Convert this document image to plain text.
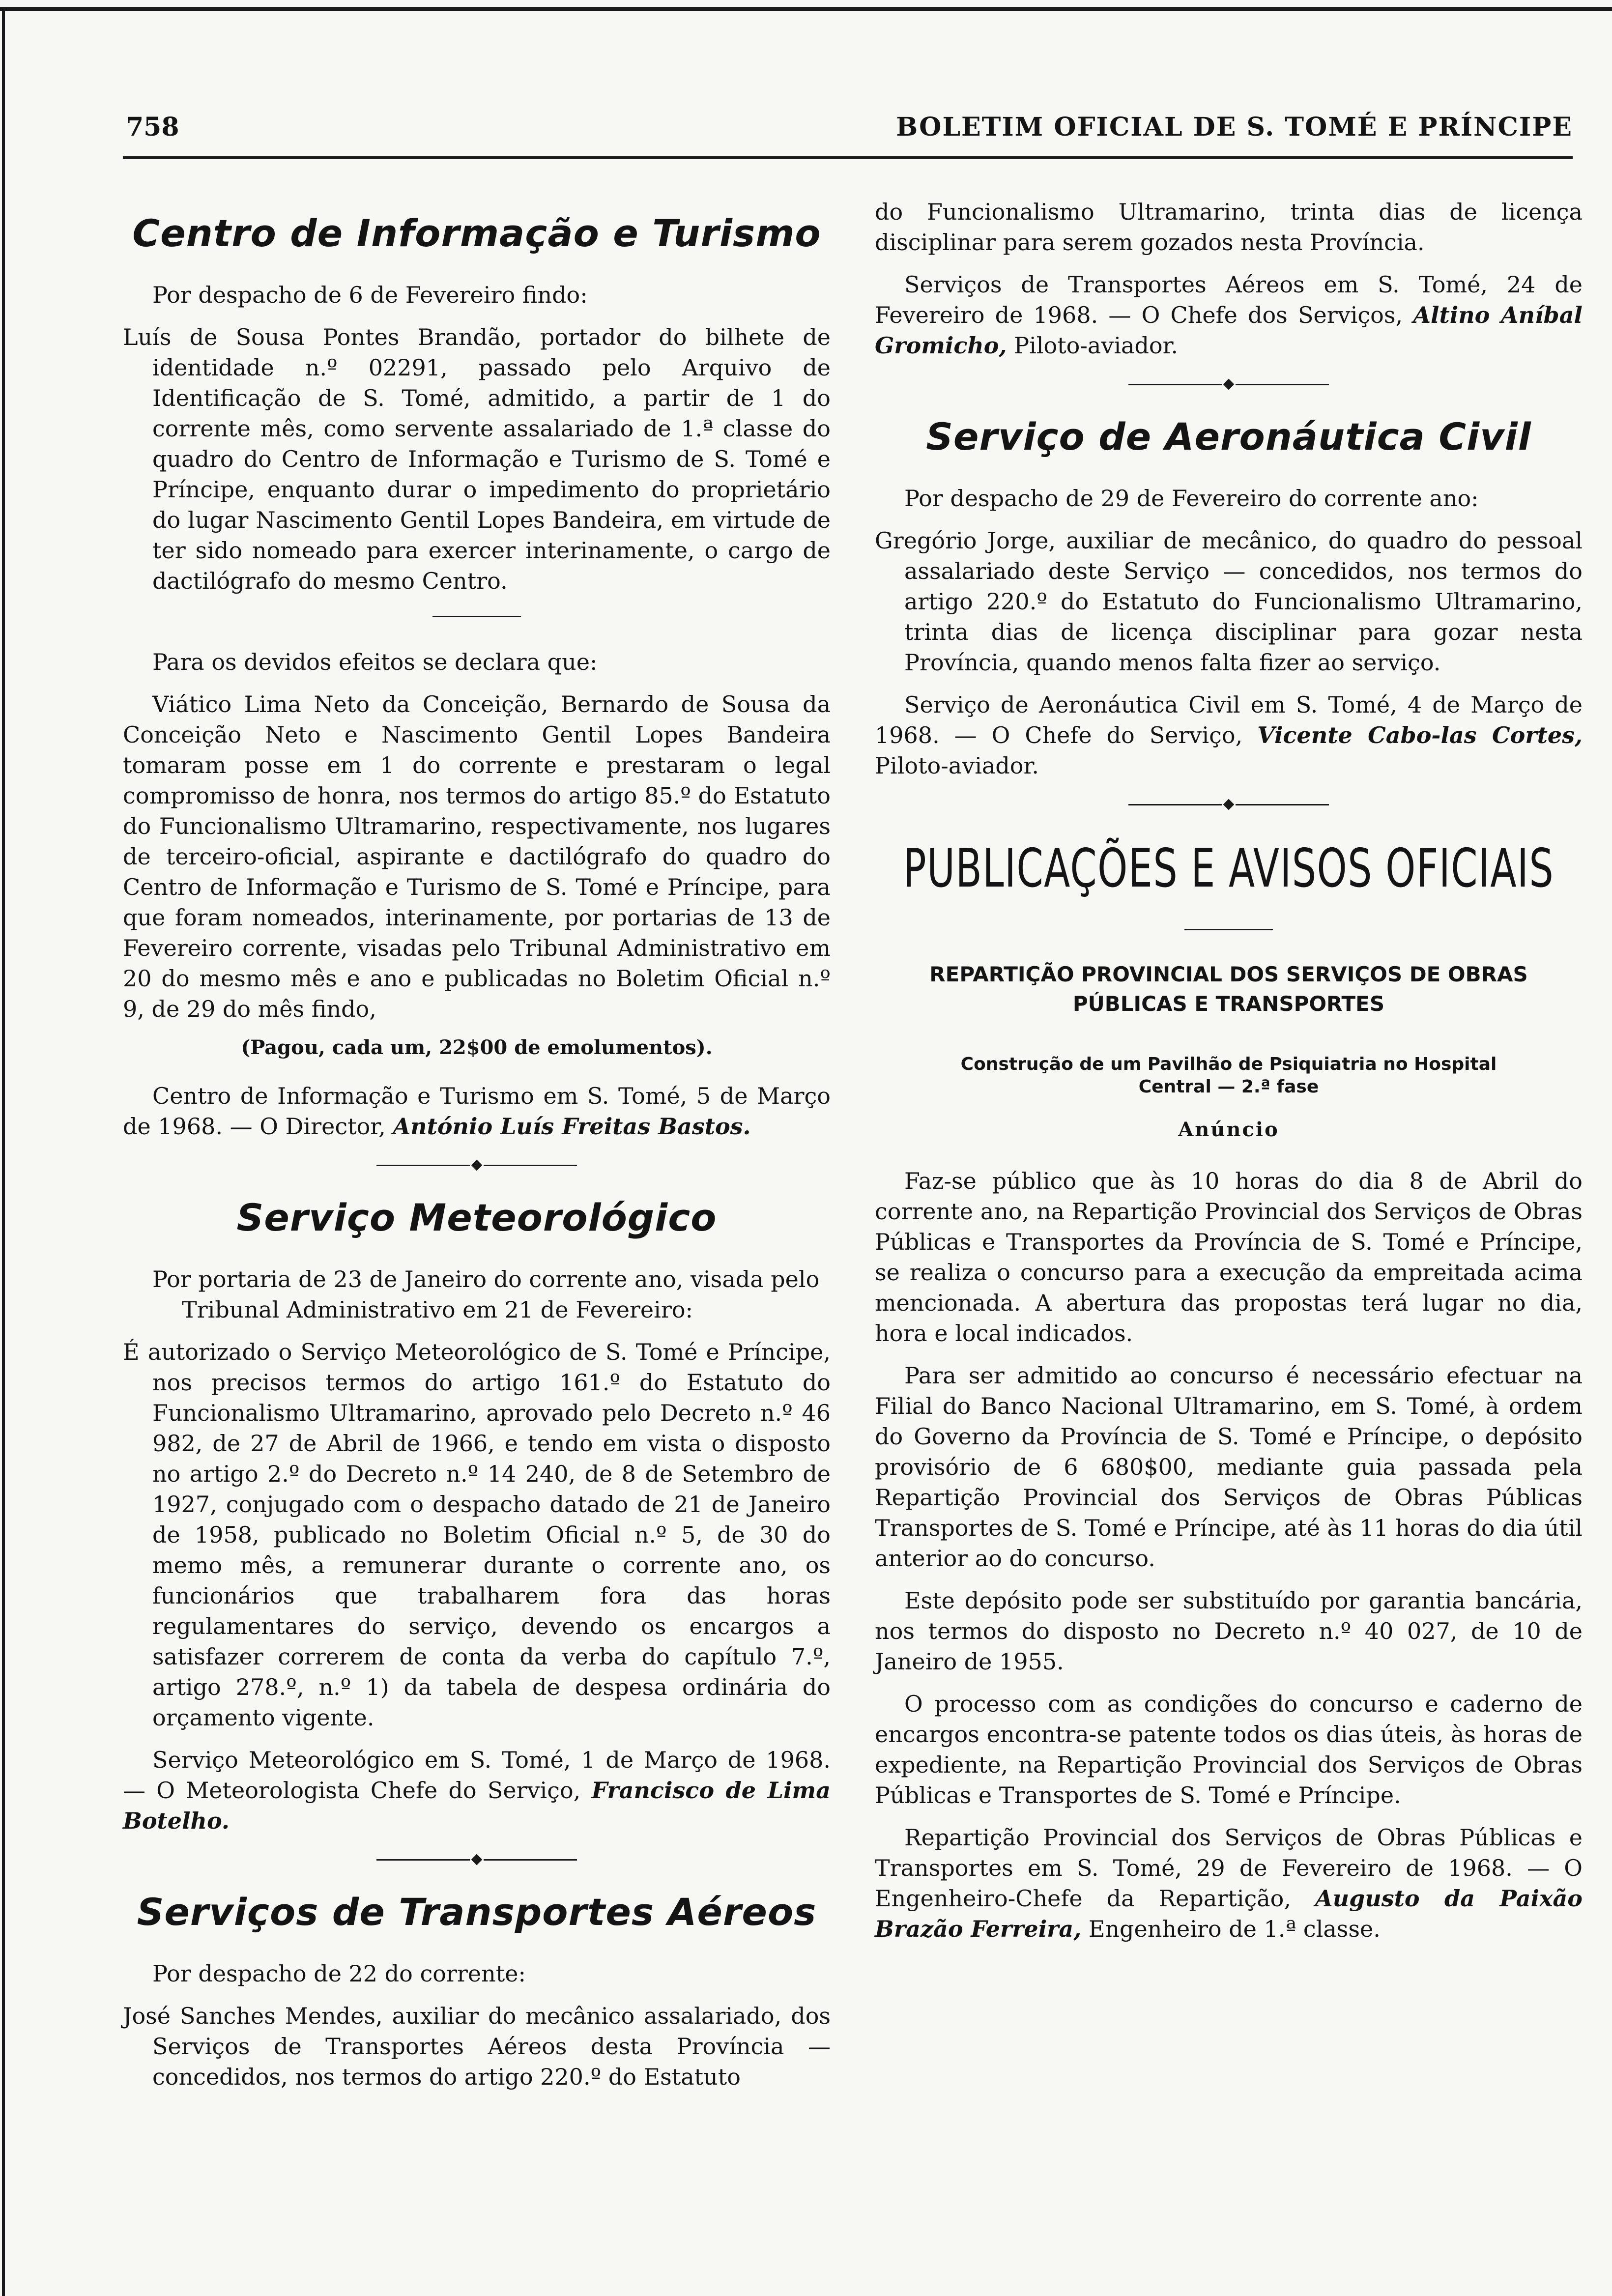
758	BOLETIM OFICIAL DE S. TOMÉ E PRÍNCIPE
Centro de Informação e Turismo

Por despacho de 6 de Fevereiro findo:

Luís de Sousa Pontes Brandão, portador do bilhete de identidade n.º 02291, passado pelo Arquivo de Identificação de S. Tomé, admitido, a partir de 1 do corrente mês, como servente assalariado de 1.ª classe do quadro do Centro de Informação e Turismo de S. Tomé e Príncipe, enquanto durar o impedimento do proprietário do lugar Nascimento Gentil Lopes Bandeira, em virtude de ter sido nomeado para exercer interinamente, o cargo de dactilógrafo do mesmo Centro.

Para os devidos efeitos se declara que:

Viático Lima Neto da Conceição, Bernardo de Sousa da Conceição Neto e Nascimento Gentil Lopes Bandeira tomaram posse em 1 do corrente e prestaram o legal compromisso de honra, nos termos do artigo 85.º do Estatuto do Funcionalismo Ultramarino, respectivamente, nos lugares de terceiro-oficial, aspirante e dactilógrafo do quadro do Centro de Informação e Turismo de S. Tomé e Príncipe, para que foram nomeados, interinamente, por portarias de 13 de Fevereiro corrente, visadas pelo Tribunal Administrativo em 20 do mesmo mês e ano e publicadas no Boletim Oficial n.º 9, de 29 do mês findo,

(Pagou, cada um, 22$00 de emolumentos).

Centro de Informação e Turismo em S. Tomé, 5 de Março de 1968. — O Director, António Luís Freitas Bastos.

Serviço Meteorológico

Por portaria de 23 de Janeiro do corrente ano, visada pelo Tribunal Administrativo em 21 de Fevereiro:

É autorizado o Serviço Meteorológico de S. Tomé e Príncipe, nos precisos termos do artigo 161.º do Estatuto do Funcionalismo Ultramarino, aprovado pelo Decreto n.º 46 982, de 27 de Abril de 1966, e tendo em vista o disposto no artigo 2.º do Decreto n.º 14 240, de 8 de Setembro de 1927, conjugado com o despacho datado de 21 de Janeiro de 1958, publicado no Boletim Oficial n.º 5, de 30 do memo mês, a remunerar durante o corrente ano, os funcionários que trabalharem fora das horas regulamentares do serviço, devendo os encargos a satisfazer correrem de conta da verba do capítulo 7.º, artigo 278.º, n.º 1) da tabela de despesa ordinária do orçamento vigente.

Serviço Meteorológico em S. Tomé, 1 de Março de 1968. — O Meteorologista Chefe do Serviço, Francisco de Lima Botelho.

Serviços de Transportes Aéreos

Por despacho de 22 do corrente:

José Sanches Mendes, auxiliar do mecânico assalariado, dos Serviços de Transportes Aéreos desta Província — concedidos, nos termos do artigo 220.º do Estatuto

do Funcionalismo Ultramarino, trinta dias de licença disciplinar para serem gozados nesta Província.

Serviços de Transportes Aéreos em S. Tomé, 24 de Fevereiro de 1968. — O Chefe dos Serviços, Altino Aníbal Gromicho, Piloto-aviador.

Serviço de Aeronáutica Civil

Por despacho de 29 de Fevereiro do corrente ano:

Gregório Jorge, auxiliar de mecânico, do quadro do pessoal assalariado deste Serviço — concedidos, nos termos do artigo 220.º do Estatuto do Funcionalismo Ultramarino, trinta dias de licença disciplinar para gozar nesta Província, quando menos falta fizer ao serviço.

Serviço de Aeronáutica Civil em S. Tomé, 4 de Março de 1968. — O Chefe do Serviço, Vicente Cabo-las Cortes, Piloto-aviador.

PUBLICAÇÕES E AVISOS OFICIAIS
REPARTIÇÃO PROVINCIAL DOS SERVIÇOS DE OBRAS
PÚBLICAS E TRANSPORTES
Construção de um Pavilhão de Psiquiatria no Hospital
Central — 2.ª fase
Anúncio

Faz-se público que às 10 horas do dia 8 de Abril do corrente ano, na Repartição Provincial dos Serviços de Obras Públicas e Transportes da Província de S. Tomé e Príncipe, se realiza o concurso para a execução da empreitada acima mencionada. A abertura das propostas terá lugar no dia, hora e local indicados.

Para ser admitido ao concurso é necessário efectuar na Filial do Banco Nacional Ultramarino, em S. Tomé, à ordem do Governo da Província de S. Tomé e Príncipe, o depósito provisório de 6 680$00, mediante guia passada pela Repartição Provincial dos Serviços de Obras Públicas Transportes de S. Tomé e Príncipe, até às 11 horas do dia útil anterior ao do concurso.

Este depósito pode ser substituído por garantia bancária, nos termos do disposto no Decreto n.º 40 027, de 10 de Janeiro de 1955.

O processo com as condições do concurso e caderno de encargos encontra-se patente todos os dias úteis, às horas de expediente, na Repartição Provincial dos Serviços de Obras Públicas e Transportes de S. Tomé e Príncipe.

Repartição Provincial dos Serviços de Obras Públicas e Transportes em S. Tomé, 29 de Fevereiro de 1968. — O Engenheiro-Chefe da Repartição, Augusto da Paixão Brazão Ferreira, Engenheiro de 1.ª classe.
